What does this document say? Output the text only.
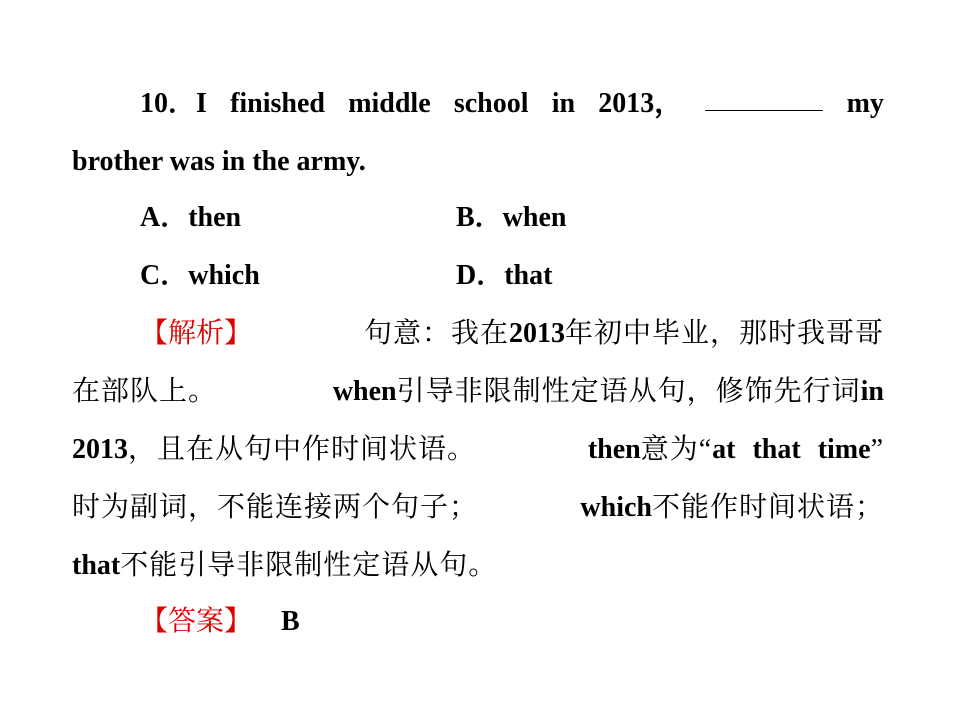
10．I finished middle school in 2013，	my
brother was in the army.
A．then	B．when
C．which	D．that
【解析】	句意：我在2013年初中毕业，那时我哥哥
在部队上。	when引导非限制性定语从句，修饰先行词in
2013，且在从句中作时间状语。	then意为“at that time”
时为副词，不能连接两个句子；	which不能作时间状语；
that不能引导非限制性定语从句。
【答案】 B
